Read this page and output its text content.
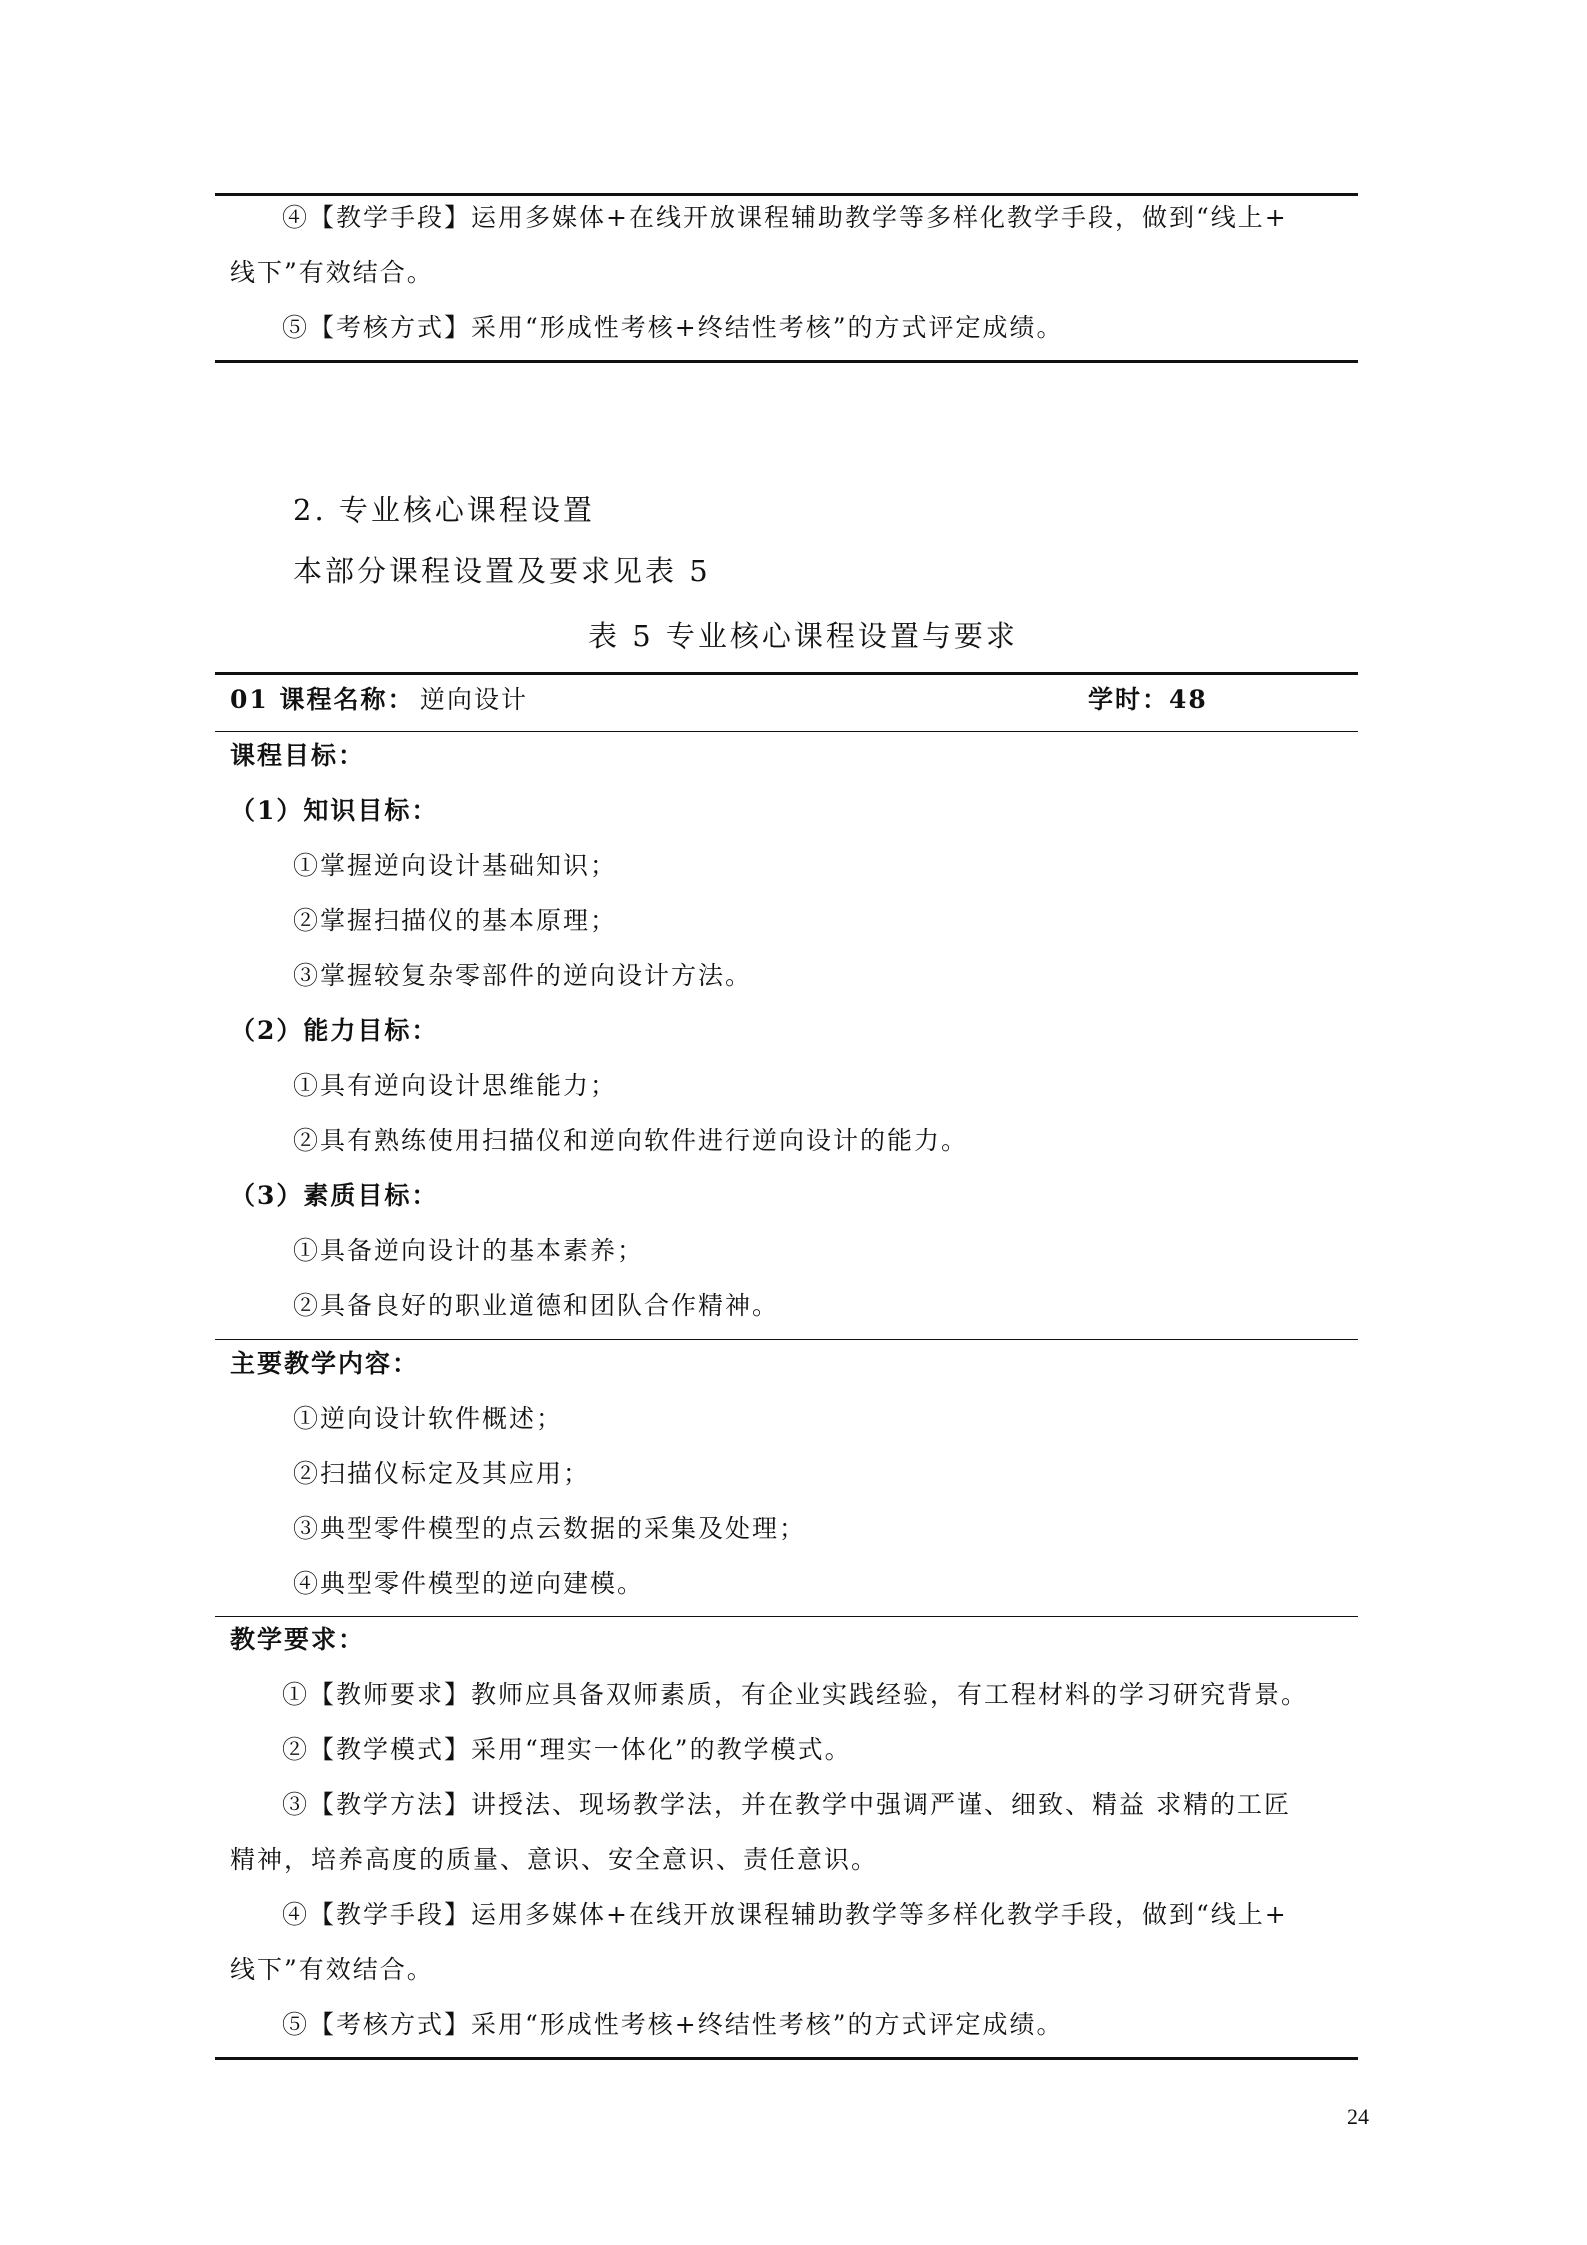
④【教学手段】运用多媒体+在线开放课程辅助教学等多样化教学手段，做到“线上+
线下”有效结合。
⑤【考核方式】采用“形成性考核+终结性考核”的方式评定成绩。
2. 专业核心课程设置
本部分课程设置及要求见表 5
表 5 专业核心课程设置与要求
01 课程名称： 逆向设计	学时：48
课程目标：
（1）知识目标：
①掌握逆向设计基础知识；
②掌握扫描仪的基本原理；
③掌握较复杂零部件的逆向设计方法。
（2）能力目标：
①具有逆向设计思维能力；
②具有熟练使用扫描仪和逆向软件进行逆向设计的能力。
（3）素质目标：
①具备逆向设计的基本素养；
②具备良好的职业道德和团队合作精神。
主要教学内容：
①逆向设计软件概述；
②扫描仪标定及其应用；
③典型零件模型的点云数据的采集及处理；
④典型零件模型的逆向建模。
教学要求：
①【教师要求】教师应具备双师素质，有企业实践经验，有工程材料的学习研究背景。
②【教学模式】采用“理实一体化”的教学模式。
③【教学方法】讲授法、现场教学法，并在教学中强调严谨、细致、精益 求精的工匠
精神，培养高度的质量、意识、安全意识、责任意识。
④【教学手段】运用多媒体+在线开放课程辅助教学等多样化教学手段，做到“线上+
线下”有效结合。
⑤【考核方式】采用“形成性考核+终结性考核”的方式评定成绩。
24
